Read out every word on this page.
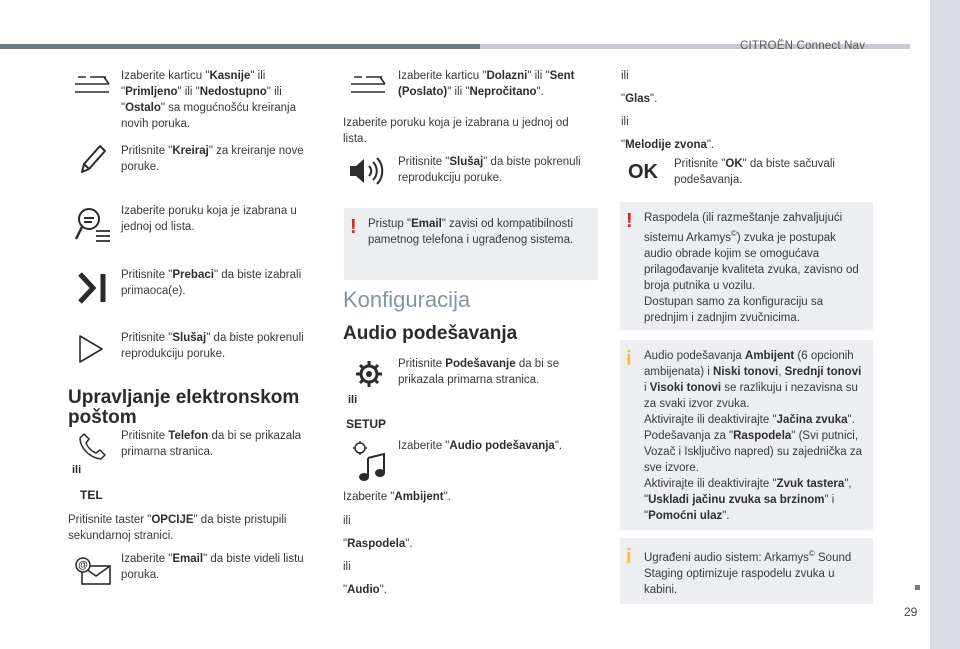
CITROËN Connect Nav
29
Izaberite karticu "Kasnije" ili "Primljeno" ili "Nedostupno" ili "Ostalo" sa mogućnošću kreiranja novih poruka.
Pritisnite "Kreiraj" za kreiranje nove poruke.
Izaberite poruku koja je izabrana u jednoj od lista.
Pritisnite "Prebaci" da biste izabrali primaoca(e).
Pritisnite "Slušaj" da biste pokrenuli reprodukciju poruke.
Upravljanje elektronskom poštom
ili
TEL
Pritisnite Telefon da bi se prikazala primarna stranica.
Pritisnite taster "OPCIJE" da biste pristupili sekundarnoj stranici.
@
Izaberite "Email" da biste videli listu poruka.
Izaberite karticu "Dolazni" ili "Sent (Poslato)" ili "Nepročitano".
Izaberite poruku koja je izabrana u jednoj od lista.
Pritisnite "Slušaj" da biste pokrenuli reprodukciju poruke.
! Pristup "Email" zavisi od kompatibilnosti pametnog telefona i ugrađenog sistema.
Konfiguracija
Audio podešavanja
ili
SETUP
Pritisnite Podešavanje da bi se prikazala primarna stranica.
Izaberite "Audio podešavanja".
Izaberite "Ambijent".
ili
"Raspodela".
ili
"Audio".
ili
"Glas".
ili
"Melodije zvona".
OK Pritisnite "OK" da biste sačuvali podešavanja.
! Raspodela (ili razmeštanje zahvaljujući sistemu Arkamys©) zvuka je postupak audio obrade kojim se omogućava prilagođavanje kvaliteta zvuka, zavisno od broja putnika u vozilu.
Dostupan samo za konfiguraciju sa prednjim i zadnjim zvučnicima.
i Audio podešavanja Ambijent (6 opcionih ambijenata) i Niski tonovi, Srednji tonovi i Visoki tonovi se razlikuju i nezavisna su za svaki izvor zvuka.
Aktivirajte ili deaktivirajte "Jačina zvuka".
Podešavanja za "Raspodela" (Svi putnici, Vozač i Isključivo napred) su zajednička za sve izvore.
Aktivirajte ili deaktivirajte "Zvuk tastera", "Uskladi jačinu zvuka sa brzinom" i "Pomoćni ulaz".
i Ugrađeni audio sistem: Arkamys© Sound Staging optimizuje raspodelu zvuka u kabini.
